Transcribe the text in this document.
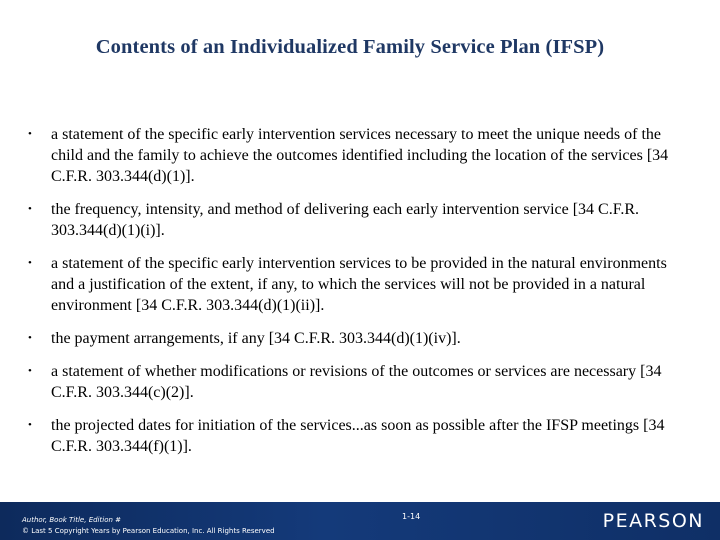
Contents of an Individualized Family Service Plan (IFSP)
• a statement of the specific early intervention services necessary to meet the unique needs of the child and the family to achieve the outcomes identified including the location of the services [34 C.F.R. 303.344(d)(1)].
• the frequency, intensity, and method of delivering each early intervention service [34 C.F.R. 303.344(d)(1)(i)].
• a statement of the specific early intervention services to be provided in the natural environments and a justification of the extent, if any, to which the services will not be provided in a natural environment [34 C.F.R. 303.344(d)(1)(ii)].
• the payment arrangements, if any [34 C.F.R. 303.344(d)(1)(iv)].
• a statement of whether modifications or revisions of the outcomes or services are necessary [34 C.F.R. 303.344(c)(2)].
• the projected dates for initiation of the services...as soon as possible after the IFSP meetings [34 C.F.R. 303.344(f)(1)].
Author, Book Title, Edition #
© Last 5 Copyright Years by Pearson Education, Inc. All Rights Reserved
1-14	PEARSON
